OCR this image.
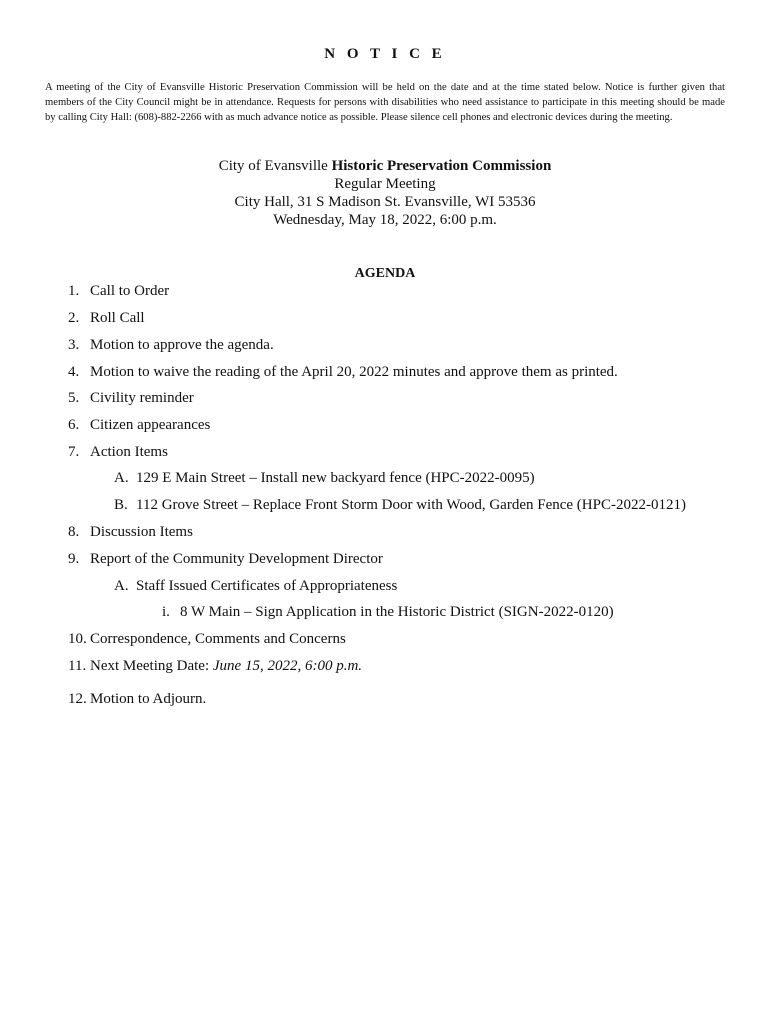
N O T I C E
A meeting of the City of Evansville Historic Preservation Commission will be held on the date and at the time stated below. Notice is further given that members of the City Council might be in attendance. Requests for persons with disabilities who need assistance to participate in this meeting should be made by calling City Hall: (608)-882-2266 with as much advance notice as possible. Please silence cell phones and electronic devices during the meeting.
City of Evansville Historic Preservation Commission
Regular Meeting
City Hall, 31 S Madison St. Evansville, WI 53536
Wednesday, May 18, 2022, 6:00 p.m.
AGENDA
1. Call to Order
2. Roll Call
3. Motion to approve the agenda.
4. Motion to waive the reading of the April 20, 2022 minutes and approve them as printed.
5. Civility reminder
6. Citizen appearances
7. Action Items
A. 129 E Main Street – Install new backyard fence (HPC-2022-0095)
B. 112 Grove Street – Replace Front Storm Door with Wood, Garden Fence (HPC-2022-0121)
8. Discussion Items
9. Report of the Community Development Director
A. Staff Issued Certificates of Appropriateness
i. 8 W Main – Sign Application in the Historic District (SIGN-2022-0120)
10. Correspondence, Comments and Concerns
11. Next Meeting Date: June 15, 2022, 6:00 p.m.
12. Motion to Adjourn.
